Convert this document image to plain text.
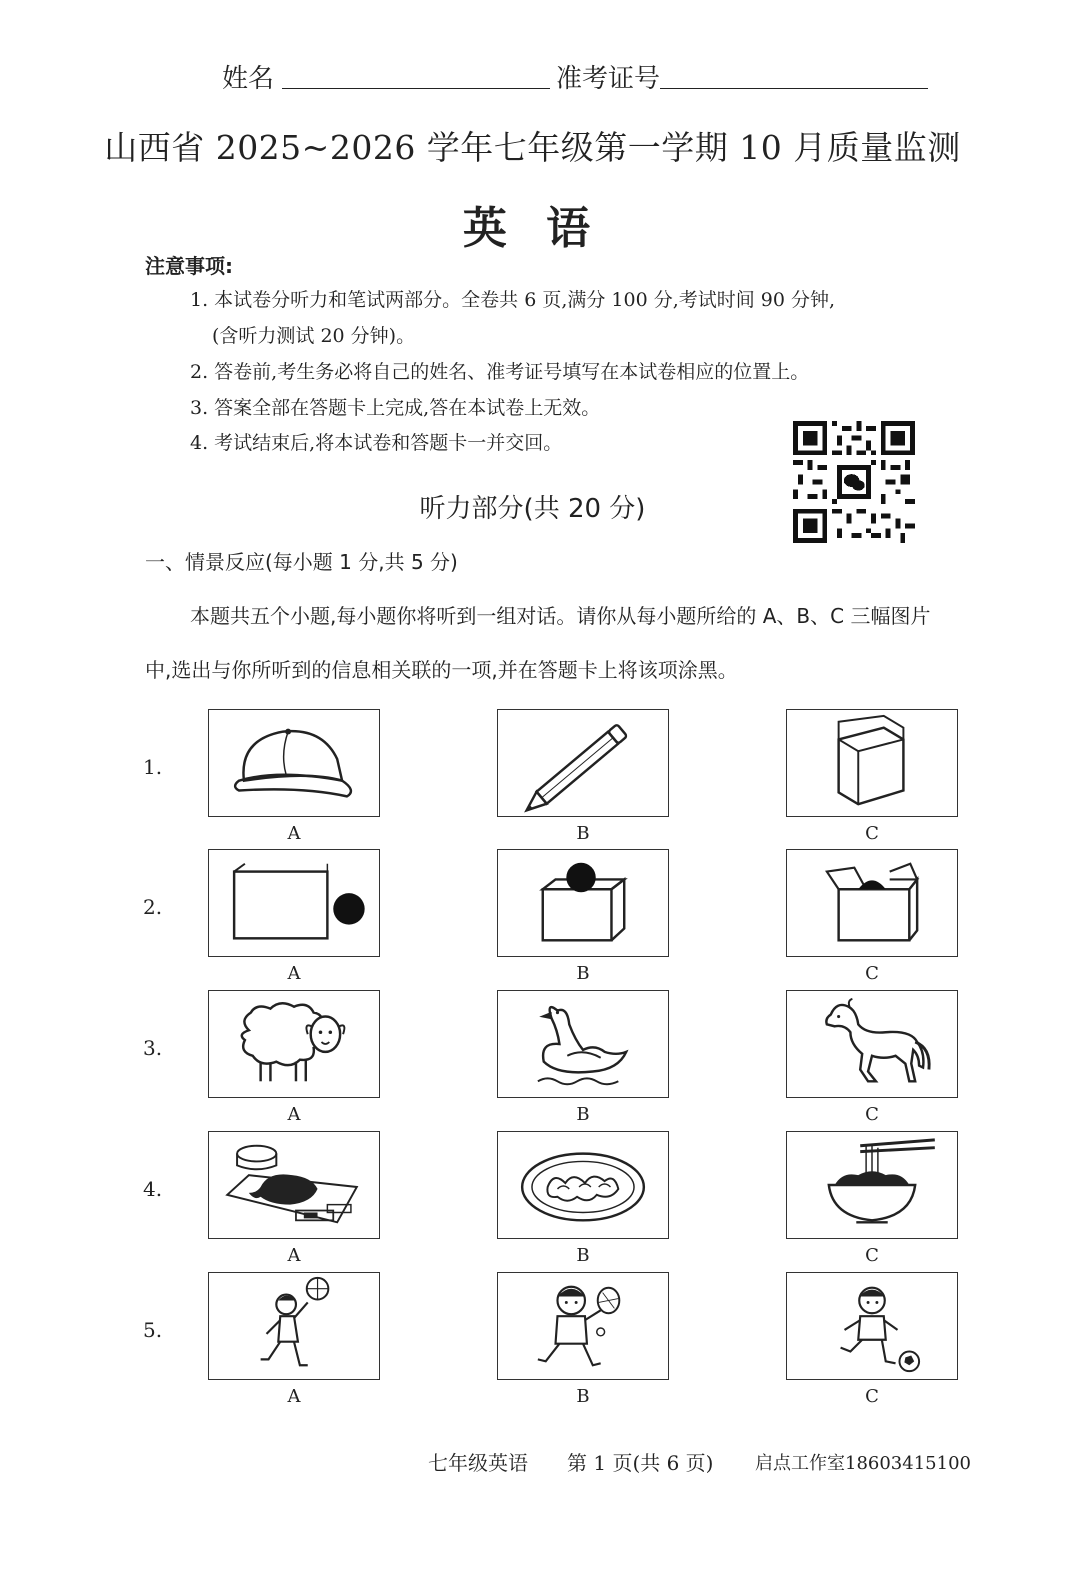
姓名	准考证号
山西省 2025~2026 学年七年级第一学期 10 月质量监测
英 语
注意事项:
1. 本试卷分听力和笔试两部分。全卷共 6 页,满分 100 分,考试时间 90 分钟,
(含听力测试 20 分钟)。
2. 答卷前,考生务必将自己的姓名、准考证号填写在本试卷相应的位置上。
3. 答案全部在答题卡上完成,答在本试卷上无效。
4. 考试结束后,将本试卷和答题卡一并交回。
听力部分(共 20 分)
一、情景反应(每小题 1 分,共 5 分)
本题共五个小题,每小题你将听到一组对话。请你从每小题所给的 A、B、C 三幅图片
中,选出与你所听到的信息相关联的一项,并在答题卡上将该项涂黑。
1.
A	B	C
2.
A	B	C
3.
A	B	C
4.
A	B	C
5.
A	B	C
七年级英语 第 1 页(共 6 页) 启点工作室18603415100
